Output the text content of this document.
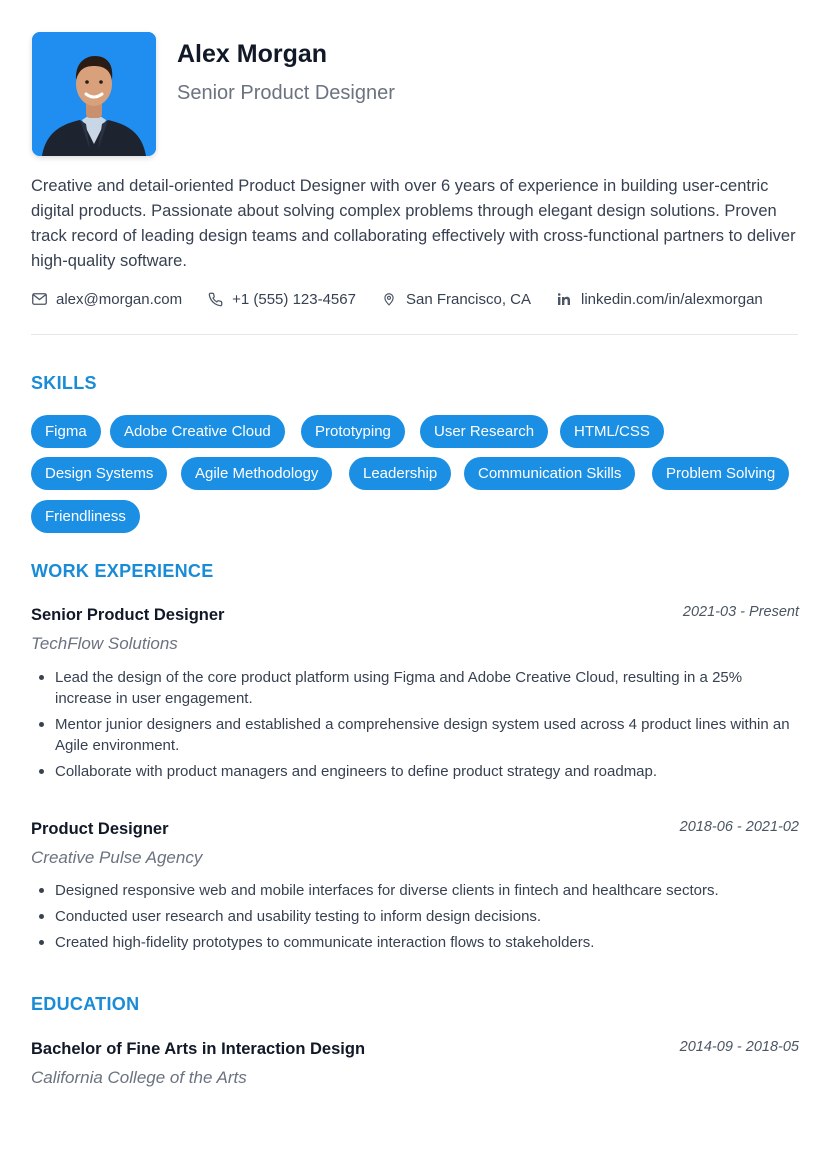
Alex Morgan
Senior Product Designer

Creative and detail-oriented Product Designer with over 6 years of experience in building user-centric digital products. Passionate about solving complex problems through elegant design solutions. Proven track record of leading design teams and collaborating effectively with cross-functional partners to deliver high-quality software.

alex@morgan.com	+1 (555) 123-4567	San Francisco, CA	linkedin.com/in/alexmorgan
SKILLS
Figma	Adobe Creative Cloud	Prototyping	User Research	HTML/CSS
Design Systems	Agile Methodology	Leadership	Communication Skills	Problem Solving
Friendliness
WORK EXPERIENCE
Senior Product Designer	2021-03 - Present
TechFlow Solutions
Lead the design of the core product platform using Figma and Adobe Creative Cloud, resulting in a 25% increase in user engagement.
Mentor junior designers and established a comprehensive design system used across 4 product lines within an Agile environment.
Collaborate with product managers and engineers to define product strategy and roadmap.
Product Designer	2018-06 - 2021-02
Creative Pulse Agency
Designed responsive web and mobile interfaces for diverse clients in fintech and healthcare sectors.
Conducted user research and usability testing to inform design decisions.
Created high-fidelity prototypes to communicate interaction flows to stakeholders.
EDUCATION
Bachelor of Fine Arts in Interaction Design	2014-09 - 2018-05
California College of the Arts
